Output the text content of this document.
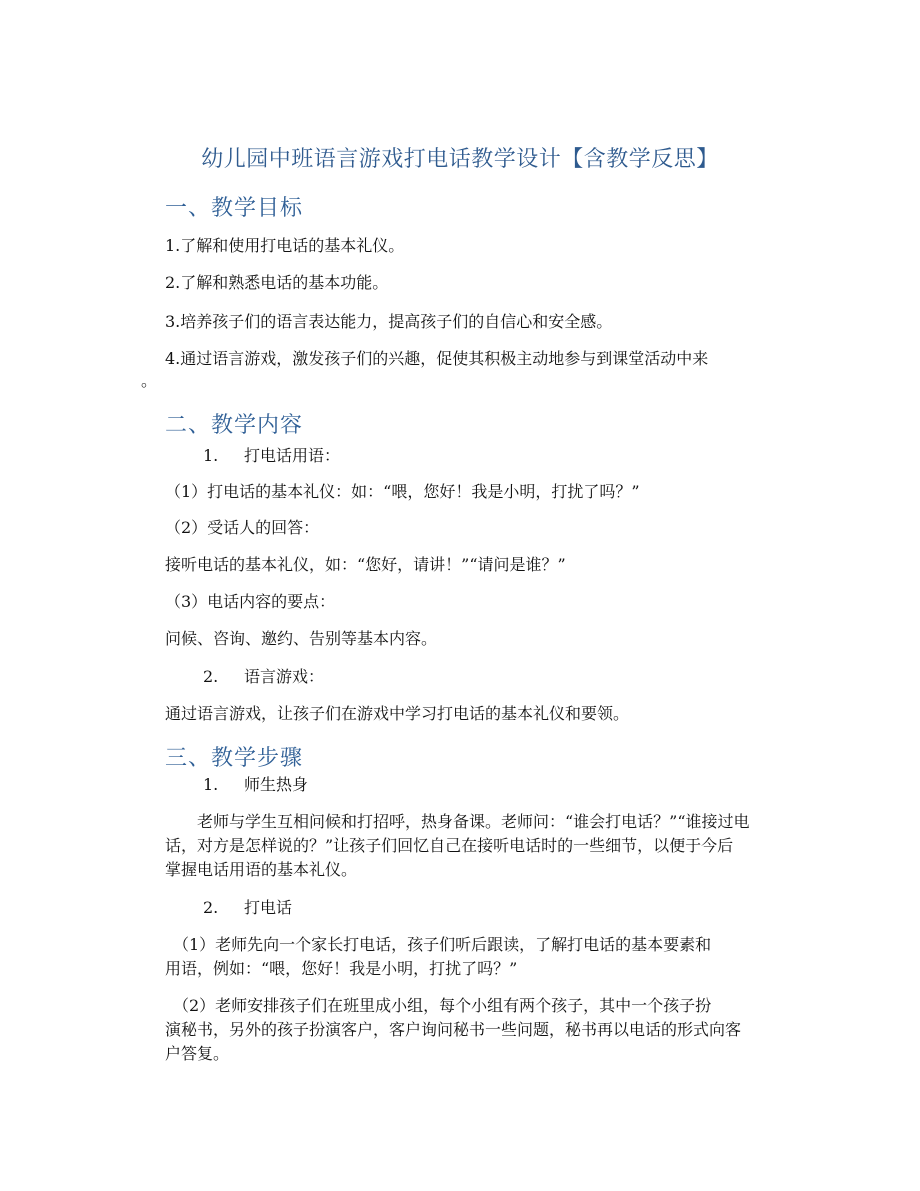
幼儿园中班语言游戏打电话教学设计【含教学反思】
一、教学目标

1.了解和使用打电话的基本礼仪。

2.了解和熟悉电话的基本功能。

3.培养孩子们的语言表达能力，提高孩子们的自信心和安全感。

4.通过语言游戏，激发孩子们的兴趣，促使其积极主动地参与到课堂活动中来

。

二、教学内容
1. 打电话用语：

（1）打电话的基本礼仪：如：“喂，您好！我是小明，打扰了吗？”

（2）受话人的回答：

接听电话的基本礼仪，如：“您好，请讲！”“请问是谁？”

（3）电话内容的要点：

问候、咨询、邀约、告别等基本内容。

2. 语言游戏：

通过语言游戏，让孩子们在游戏中学习打电话的基本礼仪和要领。

三、教学步骤
1. 师生热身

老师与学生互相问候和打招呼，热身备课。老师问：“谁会打电话？”“谁接过电

话，对方是怎样说的？”让孩子们回忆自己在接听电话时的一些细节，以便于今后

掌握电话用语的基本礼仪。

2. 打电话

（1）老师先向一个家长打电话，孩子们听后跟读，了解打电话的基本要素和

用语，例如：“喂，您好！我是小明，打扰了吗？”

（2）老师安排孩子们在班里成小组，每个小组有两个孩子，其中一个孩子扮

演秘书，另外的孩子扮演客户，客户询问秘书一些问题，秘书再以电话的形式向客

户答复。
